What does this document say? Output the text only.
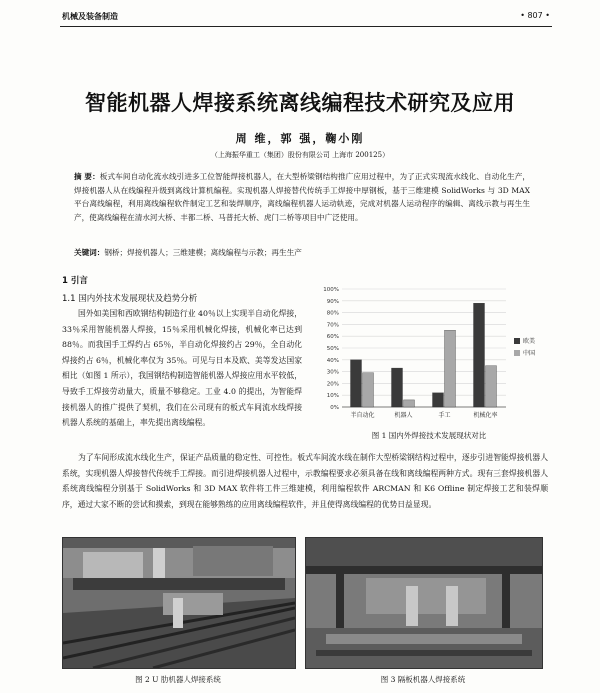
机械及装备制造	• 807 •
智能机器人焊接系统离线编程技术研究及应用
周 维，郭 强，鞠小刚
（上海振华重工（集团）股份有限公司 上海市 200125）
摘 要：板式车间自动化流水线引进多工位智能焊接机器人，在大型桥梁钢结构推广应用过程中，为了正式实现流水线化、自动化生产，焊接机器人从在线编程升级到离线计算机编程。实现机器人焊接替代传统手工焊接中厚钢板，基于三维建模 SolidWorks 与 3D MAX 平台离线编程，利用离线编程软件制定工艺和装焊顺序，离线编程机器人运动轨迹，完成对机器人运动程序的编辑、离线示教与再生生产，使离线编程在清水河大桥、丰都二桥、马普托大桥、虎门二桥等项目中广泛使用。
关键词：钢桥；焊接机器人；三维建模；离线编程与示教；再生生产
1 引言
1.1 国内外技术发展现状及趋势分析

国外如美国和西欧钢结构制造行业 40％以上实现半自动化焊接，33％采用智能机器人焊接，15％采用机械化焊接，机械化率已达到 88％。而我国手工焊约占 65％，半自动化焊接约占 29％，全自动化焊接约占 6％，机械化率仅为 35％。可见与日本及欧、美等发达国家相比（如图 1 所示），我国钢结构制造智能机器人焊接应用水平较低，导致手工焊接劳动量大，质量不够稳定。工业 4.0 的提出，为智能焊接机器人的推广提供了契机，我们在公司现有的板式车间流水线焊接机器人系统的基础上，率先提出离线编程。

0%
10%
20%
30%
40%
50%
60%
70%
80%
90%
100%
半自动化	机器人	手工	机械化率
欧美
中国
图 1 国内外焊接技术发展现状对比

为了车间形成流水线化生产，保证产品质量的稳定性、可控性。板式车间流水线在制作大型桥梁钢结构过程中，逐步引进智能焊接机器人系统，实现机器人焊接替代传统手工焊接。而引进焊接机器人过程中，示教编程要求必须具备在线和离线编程两种方式。现有三套焊接机器人系统离线编程分别基于 SolidWorks 和 3D MAX 软件将工件三维建模，利用编程软件 ARCMAN 和 K6 Offline 制定焊接工艺和装焊顺序，通过大家不断的尝试和摸索，到现在能够熟练的应用离线编程软件，并且使得离线编程的优势日益显现。

图 2 U 肋机器人焊接系统	图 3 隔板机器人焊接系统
